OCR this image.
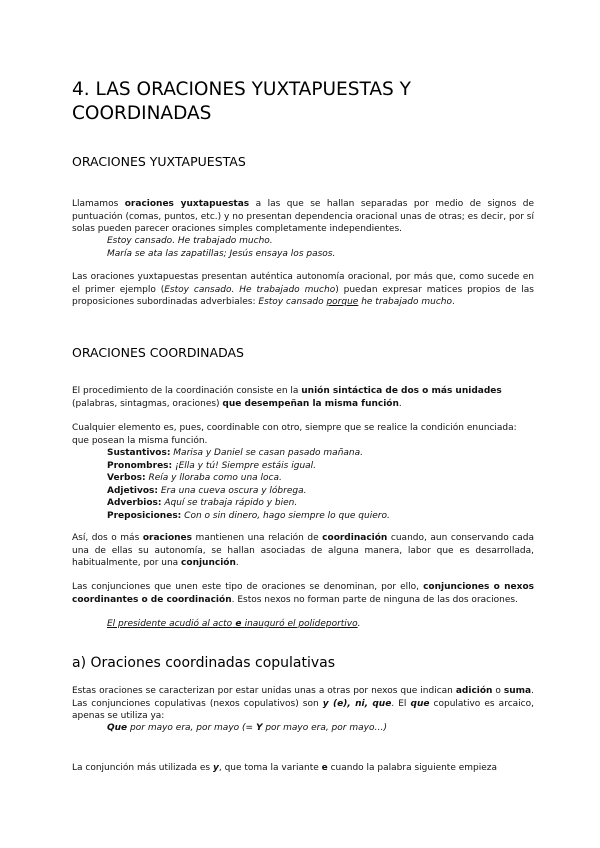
4. LAS ORACIONES YUXTAPUESTAS Y COORDINADAS
ORACIONES YUXTAPUESTAS

Llamamos oraciones yuxtapuestas a las que se hallan separadas por medio de signos de puntuación (comas, puntos, etc.) y no presentan dependencia oracional unas de otras; es decir, por sí solas pueden parecer oraciones simples completamente independientes.

Estoy cansado. He trabajado mucho.
María se ata las zapatillas; Jesús ensaya los pasos.

Las oraciones yuxtapuestas presentan auténtica autonomía oracional, por más que, como sucede en el primer ejemplo (Estoy cansado. He trabajado mucho) puedan expresar matices propios de las proposiciones subordinadas adverbiales: Estoy cansado porque he trabajado mucho.

ORACIONES COORDINADAS

El procedimiento de la coordinación consiste en la unión sintáctica de dos o más unidades (palabras, sintagmas, oraciones) que desempeñan la misma función.

Cualquier elemento es, pues, coordinable con otro, siempre que se realice la condición enunciada: que posean la misma función.

Sustantivos: Marisa y Daniel se casan pasado mañana.
Pronombres: ¡Ella y tú! Siempre estáis igual.
Verbos: Reía y lloraba como una loca.
Adjetivos: Era una cueva oscura y lóbrega.
Adverbios: Aquí se trabaja rápido y bien.
Preposiciones: Con o sin dinero, hago siempre lo que quiero.

Así, dos o más oraciones mantienen una relación de coordinación cuando, aun conservando cada una de ellas su autonomía, se hallan asociadas de alguna manera, labor que es desarrollada, habitualmente, por una conjunción.

Las conjunciones que unen este tipo de oraciones se denominan, por ello, conjunciones o nexos coordinantes o de coordinación. Estos nexos no forman parte de ninguna de las dos oraciones.

El presidente acudió al acto e inauguró el polideportivo.
a) Oraciones coordinadas copulativas

Estas oraciones se caracterizan por estar unidas unas a otras por nexos que indican adición o suma. Las conjunciones copulativas (nexos copulativos) son y (e), ni, que. El que copulativo es arcaico, apenas se utiliza ya:

Que por mayo era, por mayo (= Y por mayo era, por mayo…)

La conjunción más utilizada es y, que toma la variante e cuando la palabra siguiente empieza
